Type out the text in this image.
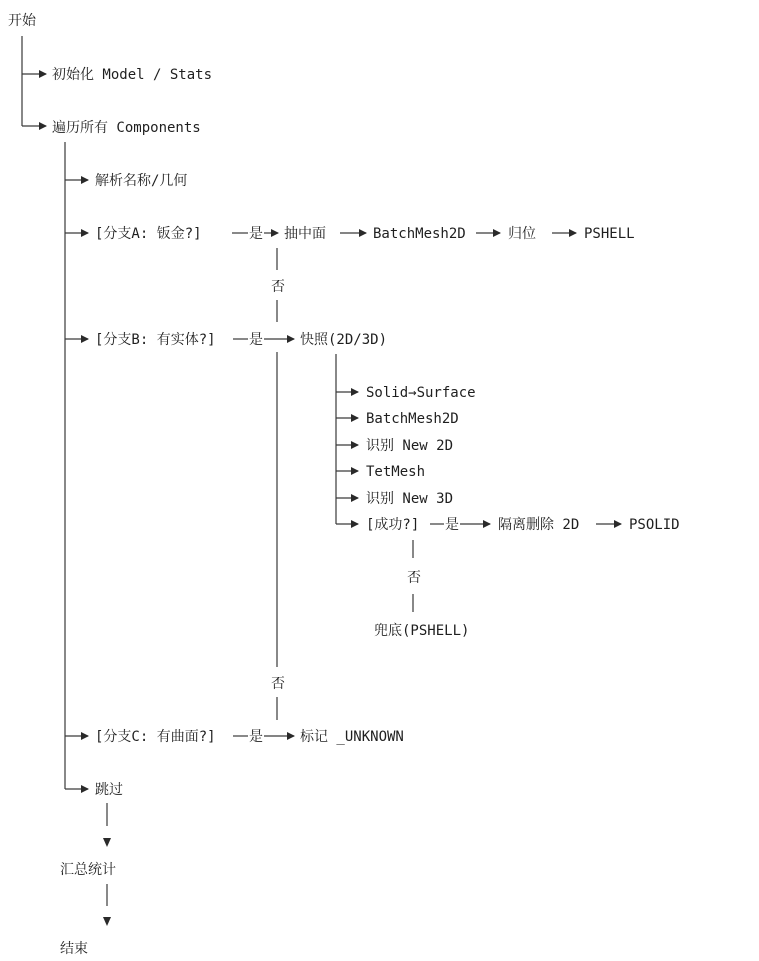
开始
初始化 Model / Stats
遍历所有 Components
解析名称/几何
[分支A: 钣金?]	是 抽中面	BatchMesh2D	归位	PSHELL
否
[分支B: 有实体?] 是	快照(2D/3D)
Solid→Surface
BatchMesh2D
识别 New 2D
TetMesh
识别 New 3D
[成功?] 是	隔离删除 2D	PSOLID
否
兜底(PSHELL)
否
[分支C: 有曲面?] 是	标记 _UNKNOWN
跳过
汇总统计
结束
